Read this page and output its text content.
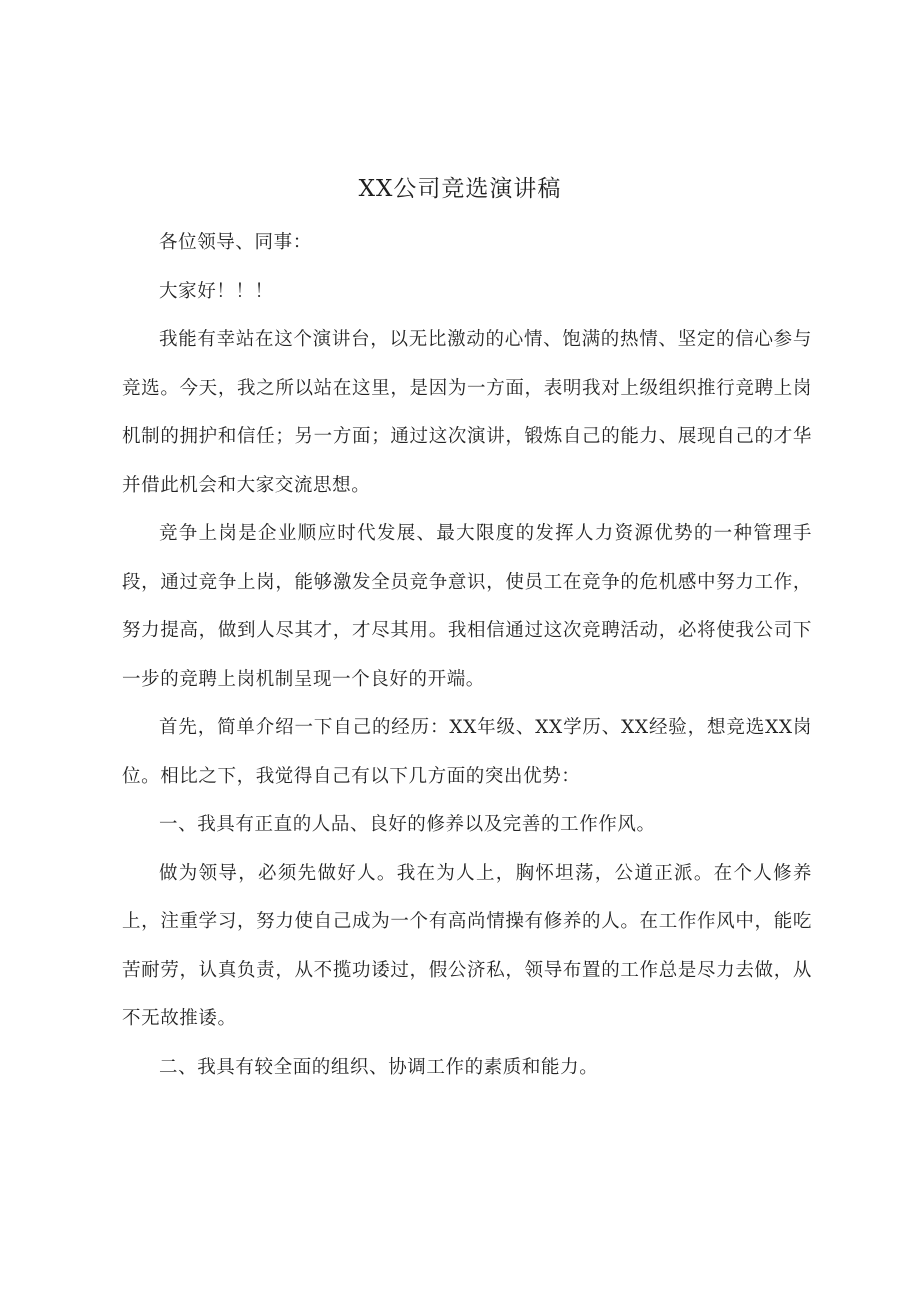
XX公司竞选演讲稿

各位领导、同事：

大家好！！！

我能有幸站在这个演讲台，以无比激动的心情、饱满的热情、坚定的信心参与竞选。今天，我之所以站在这里，是因为一方面，表明我对上级组织推行竞聘上岗机制的拥护和信任；另一方面；通过这次演讲，锻炼自己的能力、展现自己的才华并借此机会和大家交流思想。

竞争上岗是企业顺应时代发展、最大限度的发挥人力资源优势的一种管理手段，通过竞争上岗，能够激发全员竞争意识，使员工在竞争的危机感中努力工作，努力提高，做到人尽其才，才尽其用。我相信通过这次竞聘活动，必将使我公司下一步的竞聘上岗机制呈现一个良好的开端。

首先，简单介绍一下自己的经历：XX年级、XX学历、XX经验，想竞选XX岗位。相比之下，我觉得自己有以下几方面的突出优势：

一、我具有正直的人品、良好的修养以及完善的工作作风。

做为领导，必须先做好人。我在为人上，胸怀坦荡，公道正派。在个人修养上，注重学习，努力使自己成为一个有高尚情操有修养的人。在工作作风中，能吃苦耐劳，认真负责，从不揽功诿过，假公济私，领导布置的工作总是尽力去做，从不无故推诿。

二、我具有较全面的组织、协调工作的素质和能力。
